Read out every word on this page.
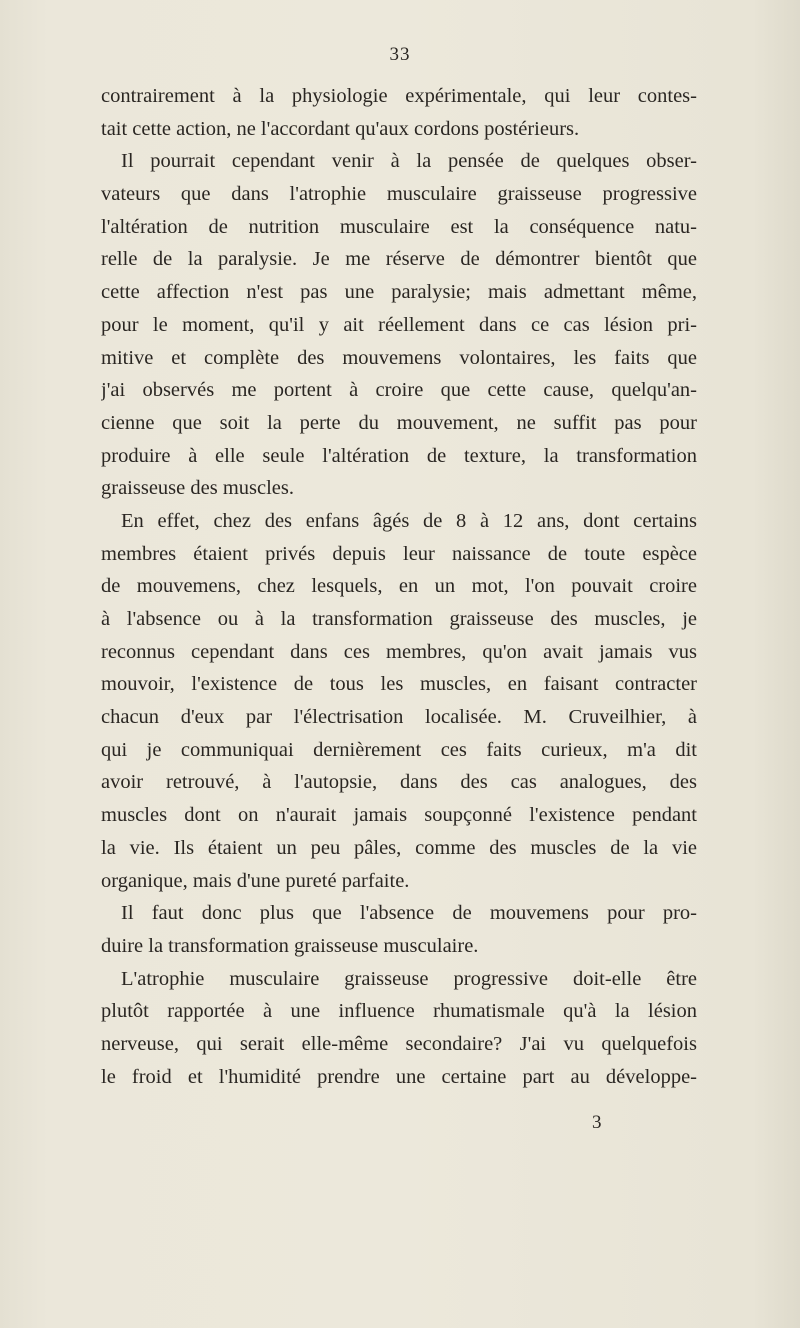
33
contrairement à la physiologie expérimentale, qui leur contes-
tait cette action, ne l'accordant qu'aux cordons postérieurs.
Il pourrait cependant venir à la pensée de quelques obser-
vateurs que dans l'atrophie musculaire graisseuse progressive
l'altération de nutrition musculaire est la conséquence natu-
relle de la paralysie. Je me réserve de démontrer bientôt que
cette affection n'est pas une paralysie; mais admettant même,
pour le moment, qu'il y ait réellement dans ce cas lésion pri-
mitive et complète des mouvemens volontaires, les faits que
j'ai observés me portent à croire que cette cause, quelqu'an-
cienne que soit la perte du mouvement, ne suffit pas pour
produire à elle seule l'altération de texture, la transformation
graisseuse des muscles.
En effet, chez des enfans âgés de 8 à 12 ans, dont certains
membres étaient privés depuis leur naissance de toute espèce
de mouvemens, chez lesquels, en un mot, l'on pouvait croire
à l'absence ou à la transformation graisseuse des muscles, je
reconnus cependant dans ces membres, qu'on avait jamais vus
mouvoir, l'existence de tous les muscles, en faisant contracter
chacun d'eux par l'électrisation localisée. M. Cruveilhier, à
qui je communiquai dernièrement ces faits curieux, m'a dit
avoir retrouvé, à l'autopsie, dans des cas analogues, des
muscles dont on n'aurait jamais soupçonné l'existence pendant
la vie. Ils étaient un peu pâles, comme des muscles de la vie
organique, mais d'une pureté parfaite.
Il faut donc plus que l'absence de mouvemens pour pro-
duire la transformation graisseuse musculaire.
L'atrophie musculaire graisseuse progressive doit-elle être
plutôt rapportée à une influence rhumatismale qu'à la lésion
nerveuse, qui serait elle-même secondaire? J'ai vu quelquefois
le froid et l'humidité prendre une certaine part au développe-
3
